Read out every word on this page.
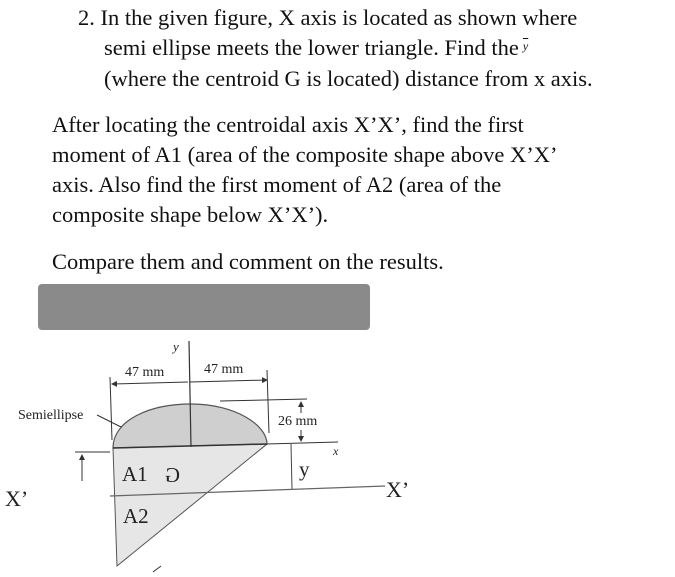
2. In the given figure, X axis is located as shown where
semi ellipse meets the lower triangle. Find the $^{\overline{y}}$
(where the centroid G is located) distance from x axis.
After locating the centroidal axis X’X’, find the first
moment of A1 (area of the composite shape above X’X’
axis. Also find the first moment of A2 (area of the
composite shape below X’X’).
Compare them and comment on the results.
y
47 mm	47 mm
26 mm
x
Semiellipse
y
A1 G
A2
X’	X’
